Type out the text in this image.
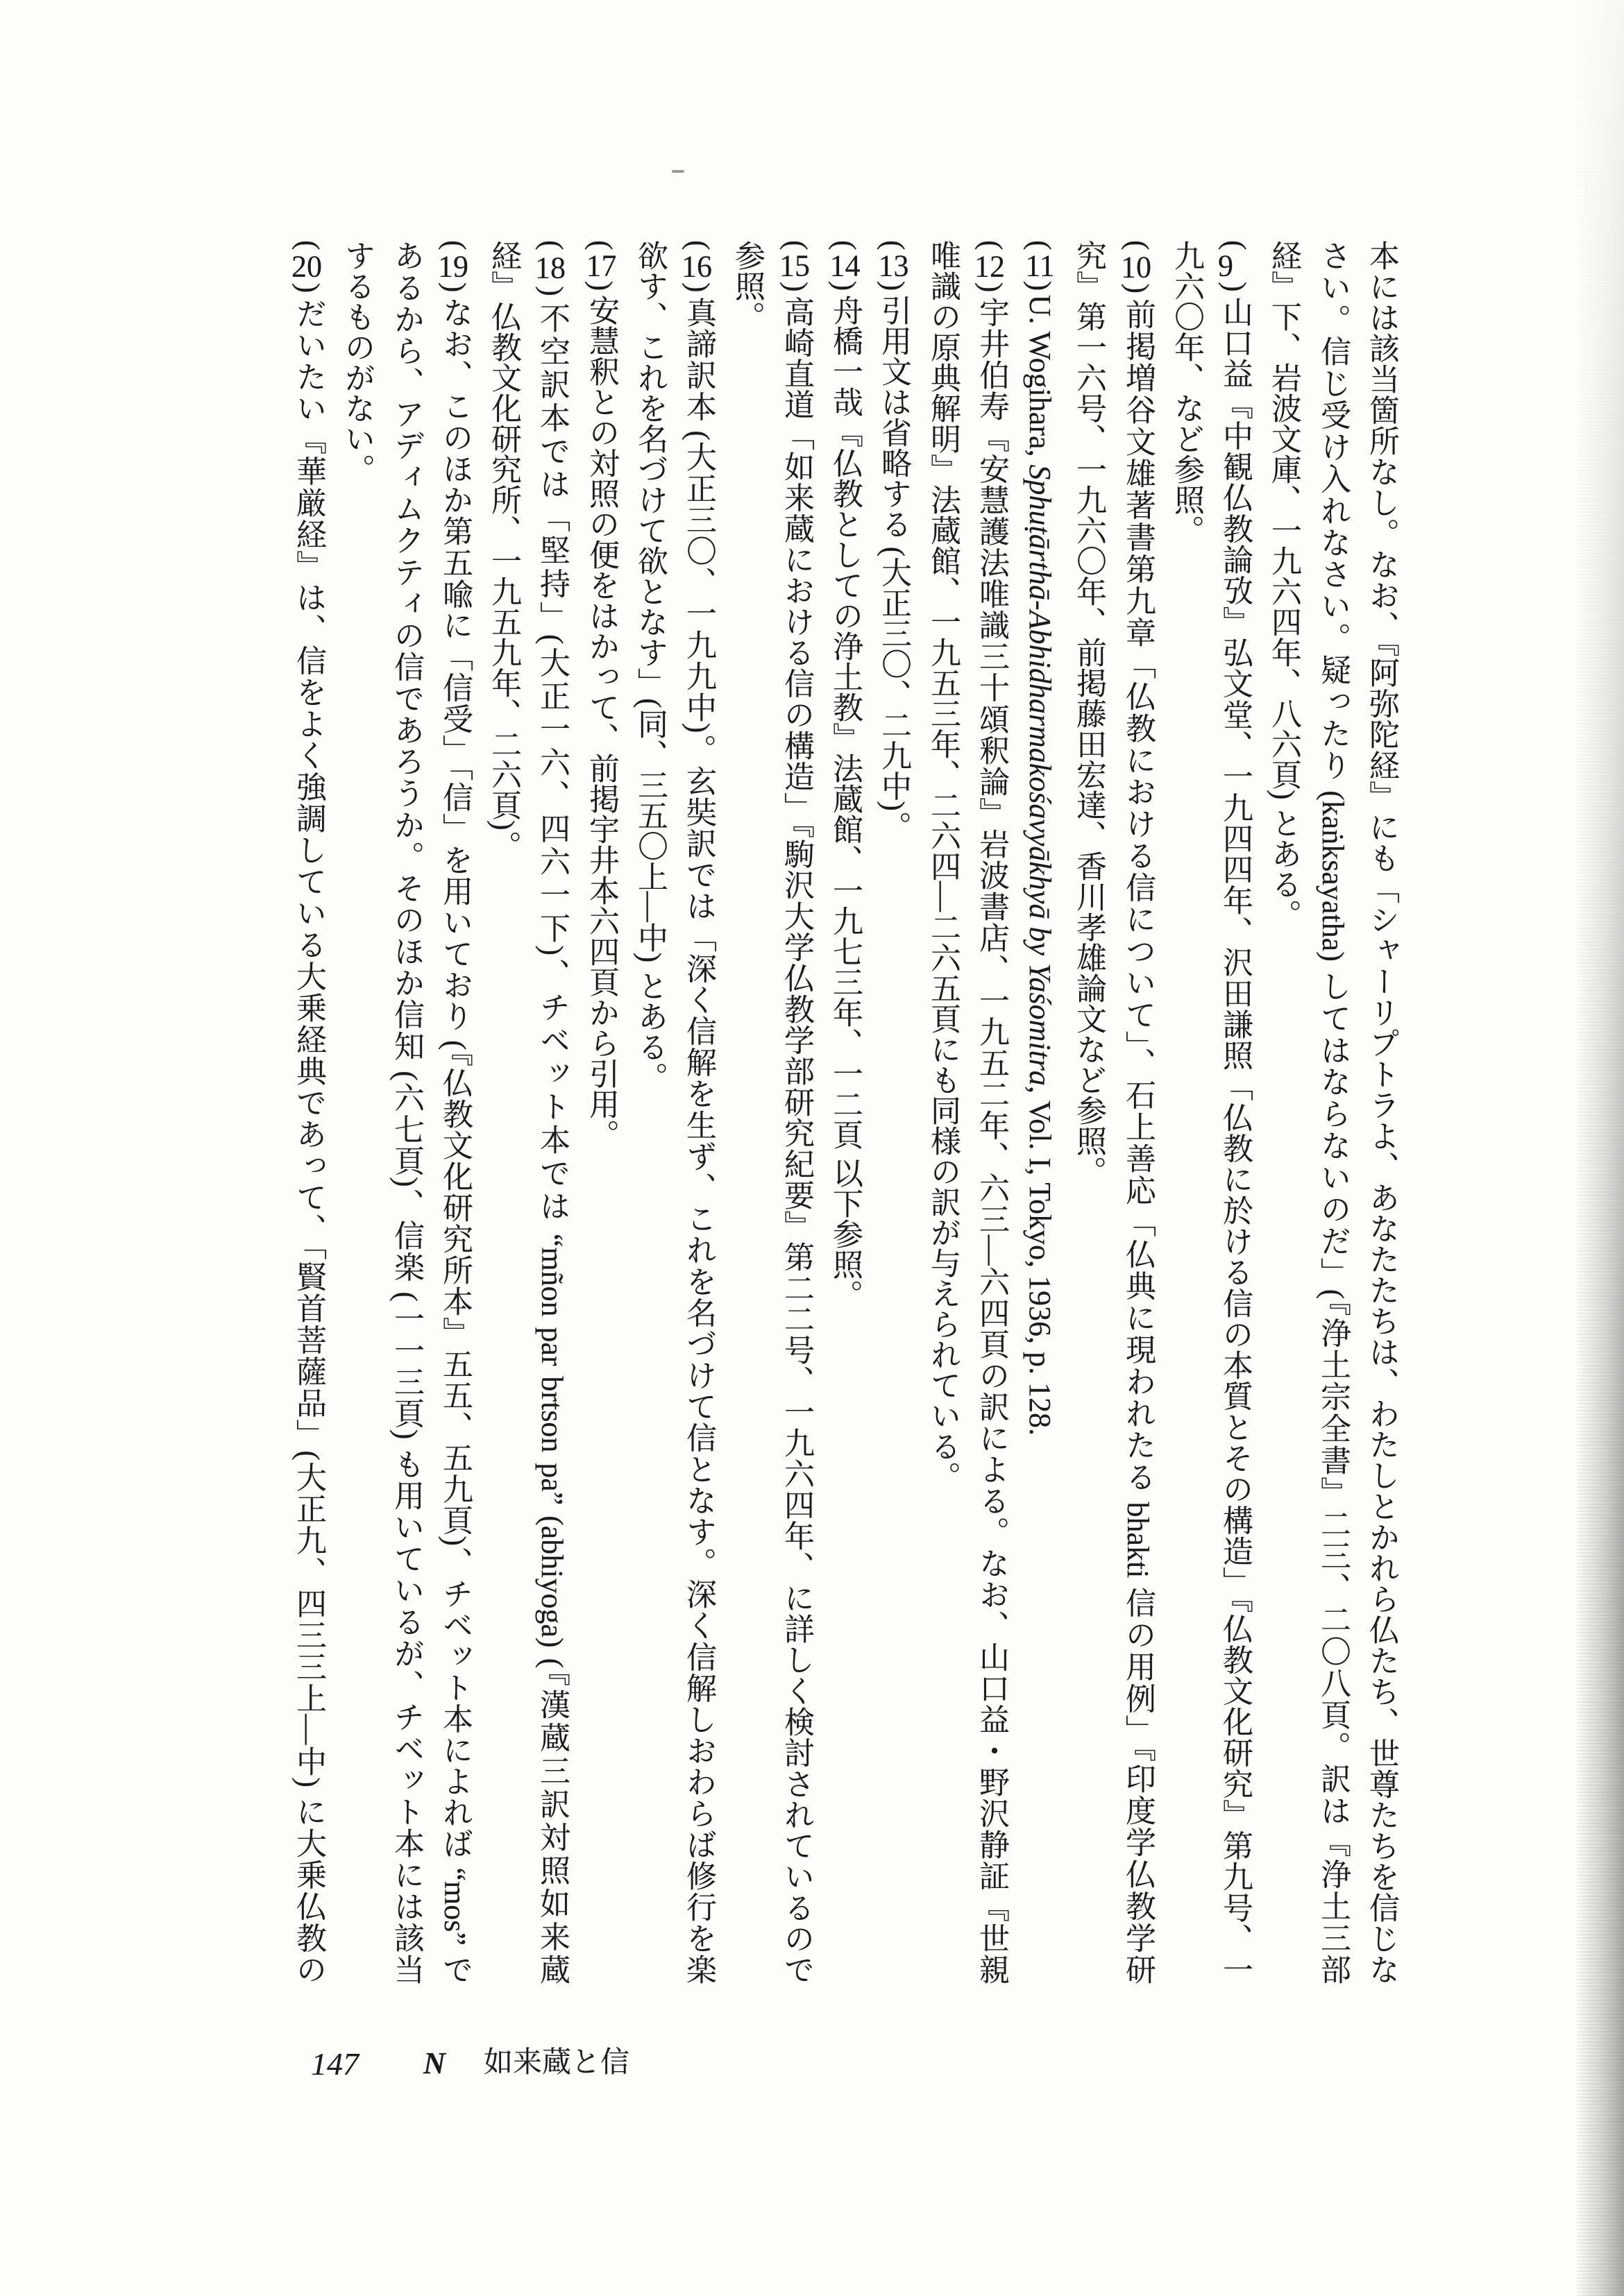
本には該当箇所なし。なお、『阿弥陀経』にも「シャーリプトラよ、あなたたちは、わたしとかれら仏たち、世尊たちを信じな
さい。信じ受け入れなさい。疑ったり (kaṅksayatha) してはならないのだ」(『浄土宗全書』二三、二〇八頁。訳は『浄土三部
経』下、岩波文庫、一九六四年、八六頁) とある。
(9)山口益『中観仏教論攷』弘文堂、一九四四年、沢田謙照「仏教に於ける信の本質とその構造」『仏教文化研究』第九号、一
九六〇年、など参照。
(10)前掲増谷文雄著書第九章「仏教における信について」、石上善応「仏典に現われたる bhakti 信の用例」『印度学仏教学研
究』第一六号、一九六〇年、前掲藤田宏達、香川孝雄論文など参照。
(11)U. Wogihara, Sphuṭārthā-Abhidharmakośavyākhyā by Yaśomitra, Vol. I, Tokyo, 1936, p. 128.
(12)宇井伯寿『安慧護法唯識三十頌釈論』岩波書店、一九五二年、六三―六四頁の訳による。なお、山口益・野沢静証『世親
唯識の原典解明』法蔵館、一九五三年、二六四―二六五頁にも同様の訳が与えられている。
(13)引用文は省略する (大正三〇、二九中)。
(14)舟橋一哉『仏教としての浄土教』法蔵館、一九七三年、一二頁 以下参照。
(15)高崎直道「如来蔵における信の構造」『駒沢大学仏教学部研究紀要』第二二号、一九六四年、に詳しく検討されているので
参照。
(16)真諦訳本 (大正三〇、一九九中)。玄奘訳では「深く信解を生ず、これを名づけて信となす。深く信解しおわらば修行を楽
欲す、これを名づけて欲となす」(同、三五〇上―中) とある。
(17)安慧釈との対照の便をはかって、前掲宇井本六四頁から引用。
(18)不空訳本では「堅持」(大正一六、四六一下)、チベット本では “mñon par brtson pa” (abhiyoga) (『漢蔵三訳対照如来蔵
経』仏教文化研究所、一九五九年、二六頁)。
(19)なお、このほか第五喩に「信受」「信」を用いており (『仏教文化研究所本』五五、五九頁)、チベット本によれば “mos” で
あるから、アディムクティの信であろうか。そのほか信知 (六七頁)、信楽 (一一三頁) も用いているが、チベット本には該当
するものがない。
(20)だいたい『華厳経』は、信をよく強調している大乗経典であって、「賢首菩薩品」(大正九、四三三上―中) に大乗仏教の
147 N 如来蔵と信
